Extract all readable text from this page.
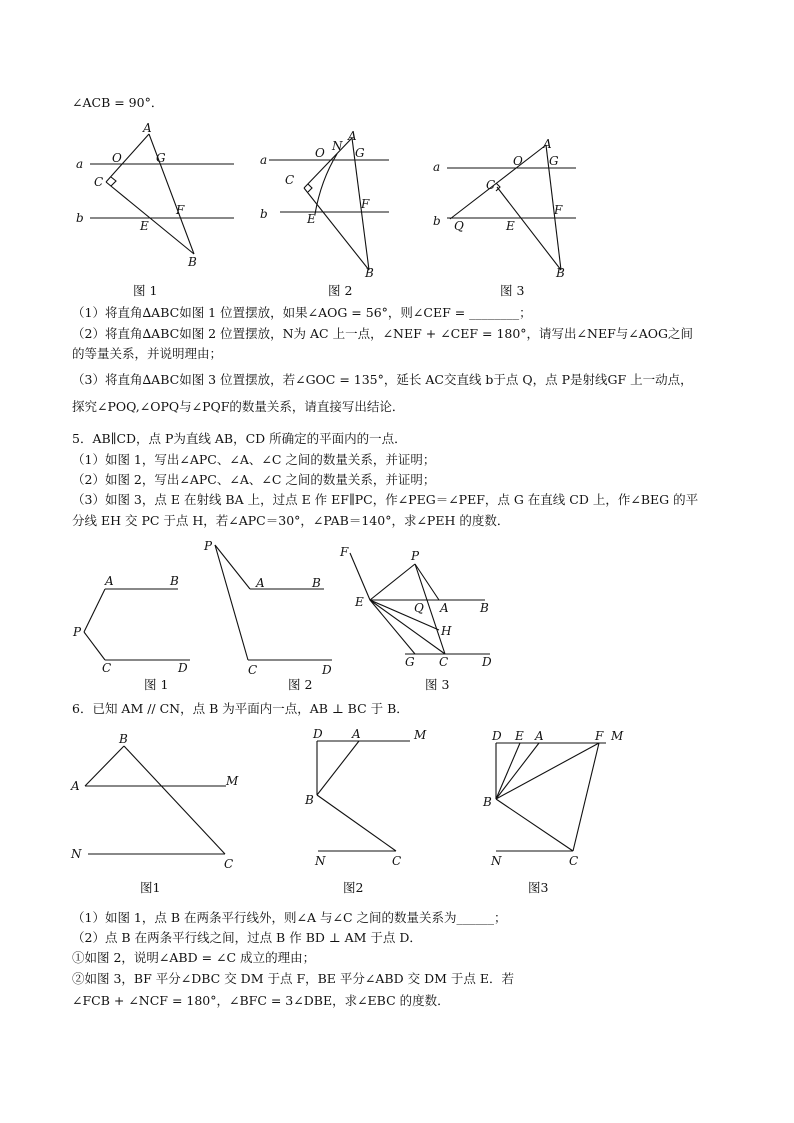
∠ACB = 90°．
a
b
A
O	G
C
F
E
B
图 1
a
b
A
N
O	G
C
F
E
B
图 2
a
b
A
O G
C
F
E
Q
B
图 3
（1）将直角∆ABC如图 1 位置摆放，如果∠AOG = 56°，则∠CEF = ________；
（2）将直角∆ABC如图 2 位置摆放，N为 AC 上一点，∠NEF + ∠CEF = 180°，请写出∠NEF与∠AOG之间
的等量关系，并说明理由；
（3）将直角∆ABC如图 3 位置摆放，若∠GOC = 135°，延长 AC交直线 b于点 Q，点 P是射线GF 上一动点，
探究∠POQ,∠OPQ与∠PQF的数量关系，请直接写出结论．
5．AB∥CD，点 P为直线 AB，CD 所确定的平面内的一点．
（1）如图 1，写出∠APC、∠A、∠C 之间的数量关系，并证明；
（2）如图 2，写出∠APC、∠A、∠C 之间的数量关系，并证明；
（3）如图 3，点 E 在射线 BA 上，过点 E 作 EF∥PC，作∠PEG＝∠PEF，点 G 在直线 CD 上，作∠BEG 的平
分线 EH 交 PC 于点 H，若∠APC＝30°，∠PAB＝140°，求∠PEH 的度数．
A	B
P
C	D
图 1
P
A	B
C	D
图 2
F	P
E	Q A	B
H
G C	D
图 3
6．已知 AM // CN，点 B 为平面内一点，AB ⊥ BC 于 B．
B
A	M
N
C
图1
D A	M
B
N	C
图2
D E A	F M
B
N	C
图3
（1）如图 1，点 B 在两条平行线外，则∠A 与∠C 之间的数量关系为______；
（2）点 B 在两条平行线之间，过点 B 作 BD ⊥ AM 于点 D．
①如图 2，说明∠ABD = ∠C 成立的理由；
②如图 3，BF 平分∠DBC 交 DM 于点 F，BE 平分∠ABD 交 DM 于点 E．若
∠FCB + ∠NCF = 180°，∠BFC = 3∠DBE，求∠EBC 的度数．
